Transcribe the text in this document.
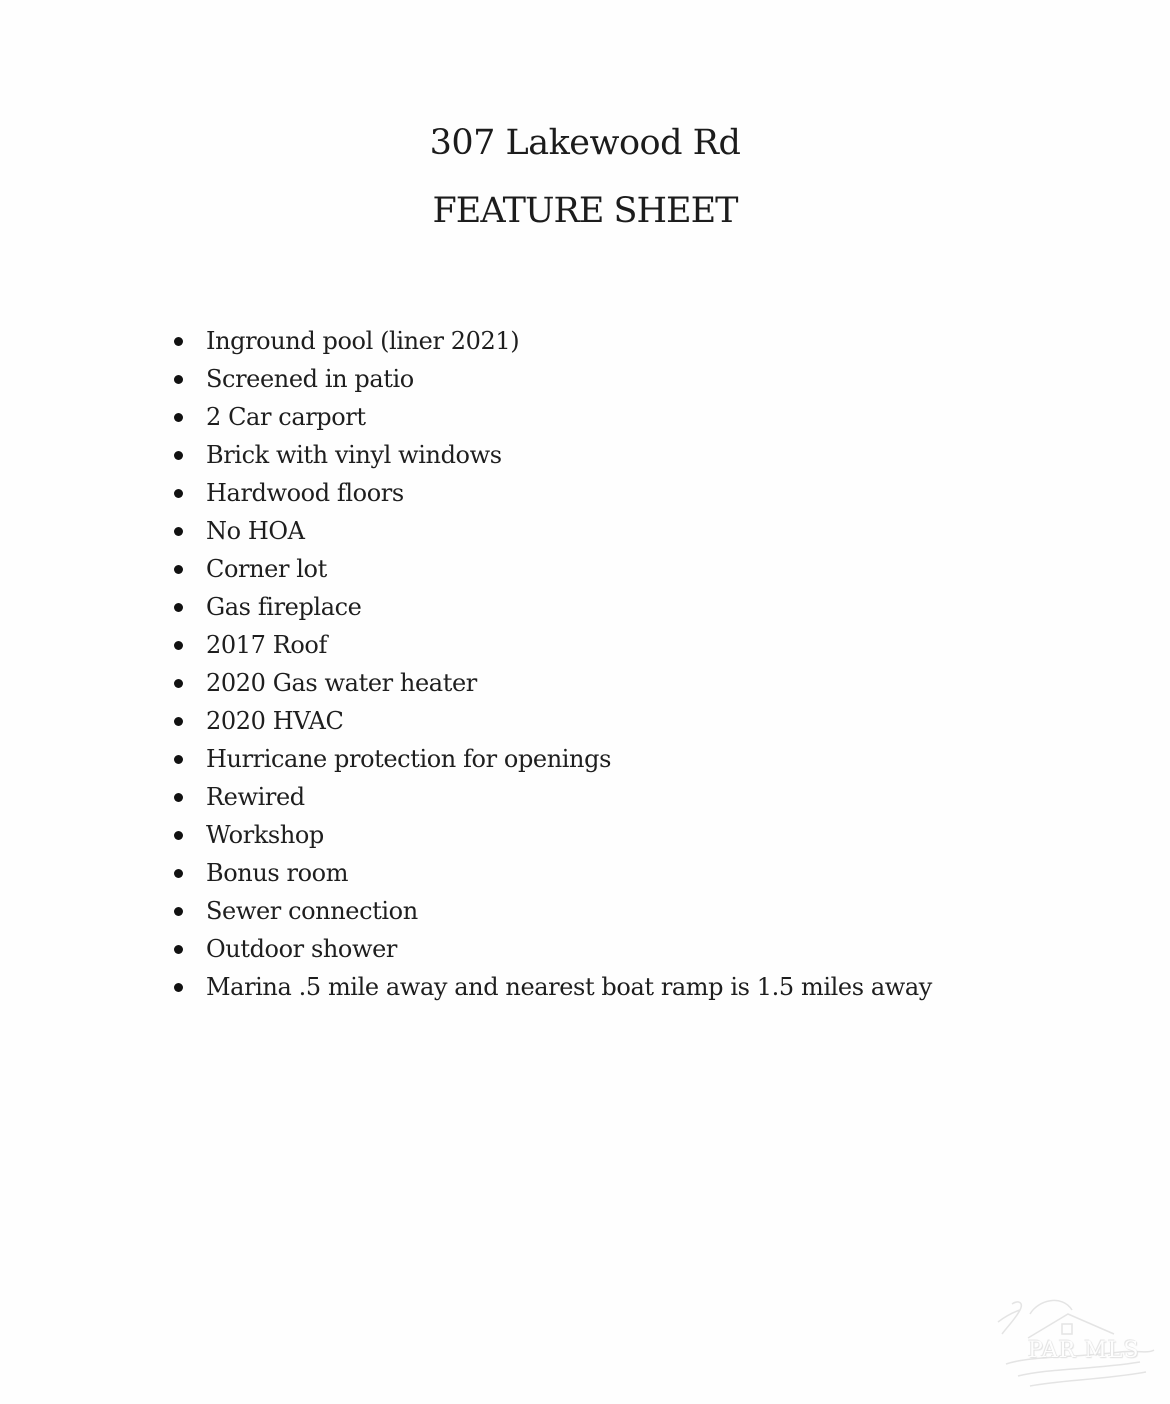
307 Lakewood Rd
FEATURE SHEET
Inground pool (liner 2021)
Screened in patio
2 Car carport
Brick with vinyl windows
Hardwood floors
No HOA
Corner lot
Gas fireplace
2017 Roof
2020 Gas water heater
2020 HVAC
Hurricane protection for openings
Rewired
Workshop
Bonus room
Sewer connection
Outdoor shower
Marina .5 mile away and nearest boat ramp is 1.5 miles away
PAR MLS
